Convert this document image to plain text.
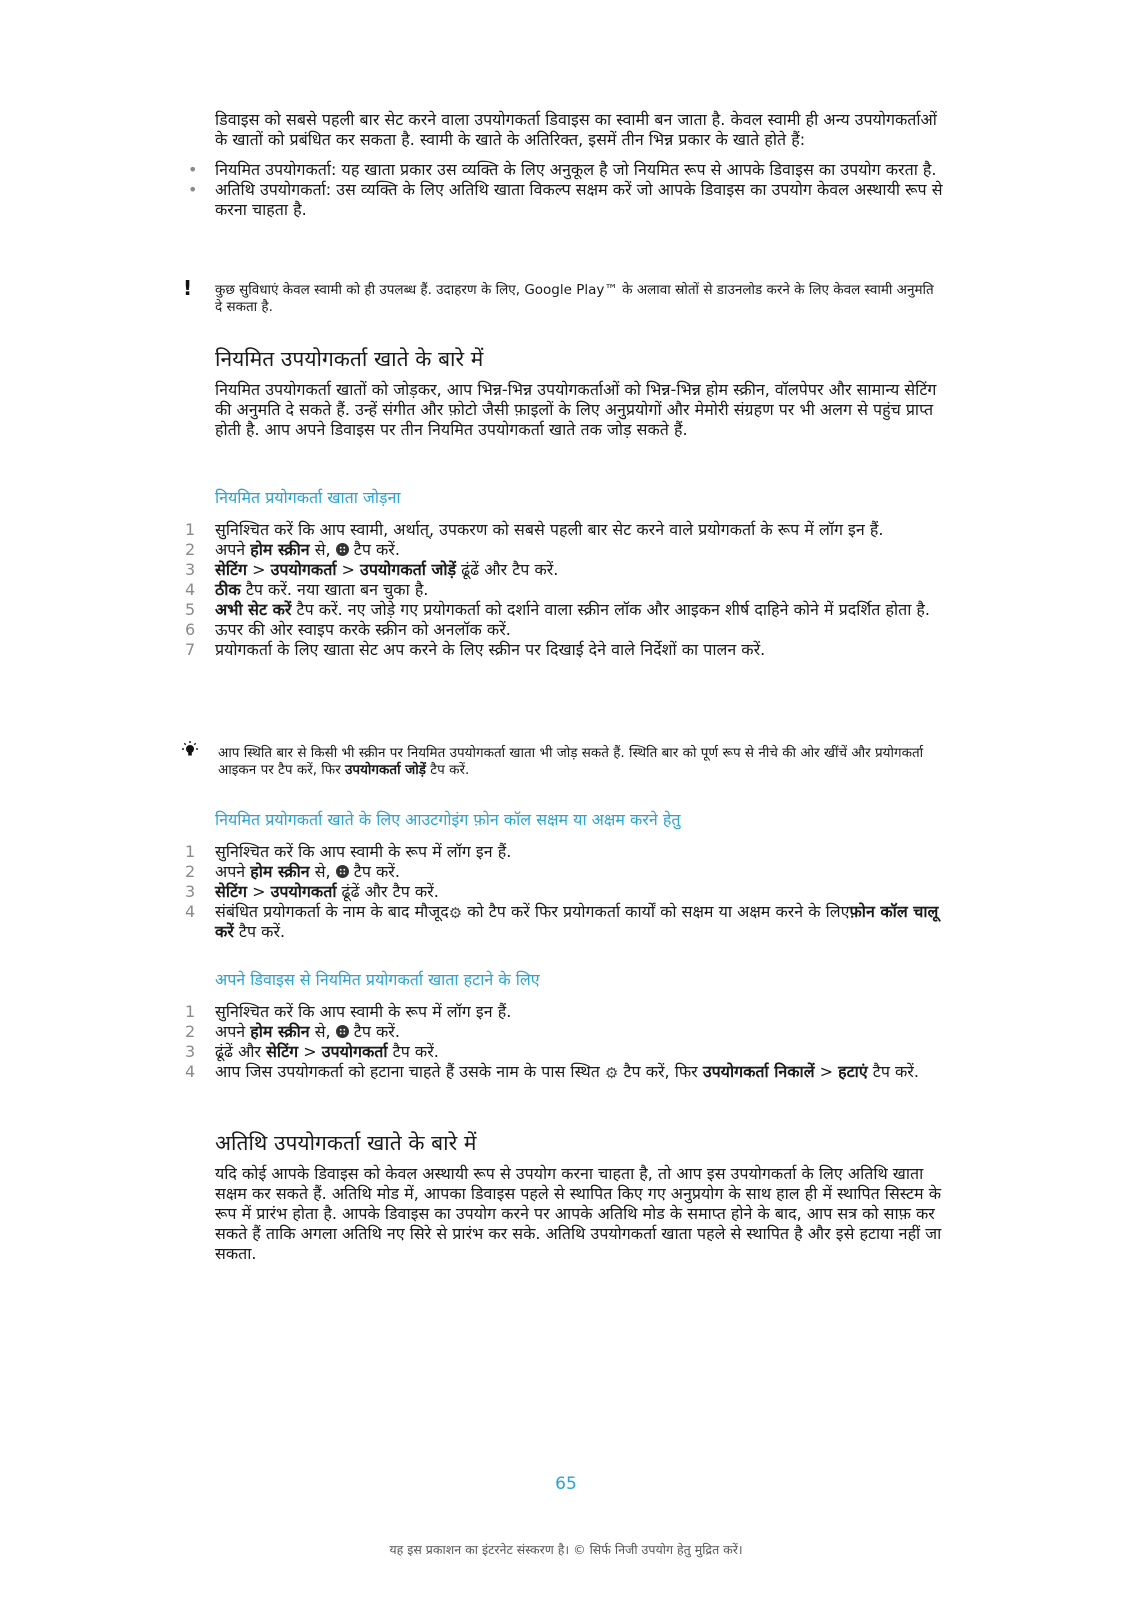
डिवाइस को सबसे पहली बार सेट करने वाला उपयोगकर्ता डिवाइस का स्वामी बन जाता है. केवल स्वामी ही अन्य उपयोगकर्ताओं के खातों को प्रबंधित कर सकता है. स्वामी के खाते के अतिरिक्त, इसमें तीन भिन्न प्रकार के खाते होते हैं:

• नियमित उपयोगकर्ता: यह खाता प्रकार उस व्यक्ति के लिए अनुकूल है जो नियमित रूप से आपके डिवाइस का उपयोग करता है.
• अतिथि उपयोगकर्ता: उस व्यक्ति के लिए अतिथि खाता विकल्प सक्षम करें जो आपके डिवाइस का उपयोग केवल अस्थायी रूप से करना चाहता है.
! कुछ सुविधाएं केवल स्वामी को ही उपलब्ध हैं. उदाहरण के लिए, Google Play™ के अलावा स्रोतों से डाउनलोड करने के लिए केवल स्वामी अनुमति दे सकता है.

नियमित उपयोगकर्ता खाते के बारे में

नियमित उपयोगकर्ता खातों को जोड़कर, आप भिन्न-भिन्न उपयोगकर्ताओं को भिन्न-भिन्न होम स्क्रीन, वॉलपेपर और सामान्य सेटिंग की अनुमति दे सकते हैं. उन्हें संगीत और फ़ोटो जैसी फ़ाइलों के लिए अनुप्रयोगों और मेमोरी संग्रहण पर भी अलग से पहुंच प्राप्त होती है. आप अपने डिवाइस पर तीन नियमित उपयोगकर्ता खाते तक जोड़ सकते हैं.

नियमित प्रयोगकर्ता खाता जोड़ना

1	सुनिश्चित करें कि आप स्वामी, अर्थात्, उपकरण को सबसे पहली बार सेट करने वाले प्रयोगकर्ता के रूप में लॉग इन हैं.
2	अपने होम स्क्रीन से,  टैप करें.
3	सेटिंग > उपयोगकर्ता > उपयोगकर्ता जोड़ें ढूंढें और टैप करें.
4	ठीक टैप करें. नया खाता बन चुका है.
5	अभी सेट करें टैप करें. नए जोड़े गए प्रयोगकर्ता को दर्शाने वाला स्क्रीन लॉक और आइकन शीर्ष दाहिने कोने में प्रदर्शित होता है.
6	ऊपर की ओर स्वाइप करके स्क्रीन को अनलॉक करें.
7	प्रयोगकर्ता के लिए खाता सेट अप करने के लिए स्क्रीन पर दिखाई देने वाले निर्देशों का पालन करें.

आप स्थिति बार से किसी भी स्क्रीन पर नियमित उपयोगकर्ता खाता भी जोड़ सकते हैं. स्थिति बार को पूर्ण रूप से नीचे की ओर खींचें और प्रयोगकर्ता आइकन पर टैप करें, फिर उपयोगकर्ता जोड़ें टैप करें.

नियमित प्रयोगकर्ता खाते के लिए आउटगोइंग फ़ोन कॉल सक्षम या अक्षम करने हेतु

1	सुनिश्चित करें कि आप स्वामी के रूप में लॉग इन हैं.
2	अपने होम स्क्रीन से,  टैप करें.
3	सेटिंग > उपयोगकर्ता ढूंढें और टैप करें.
4	संबंधित प्रयोगकर्ता के नाम के बाद मौजूद⚙ को टैप करें फिर प्रयोगकर्ता कार्यों को सक्षम या अक्षम करने के लिएफ़ोन कॉल चालू करें टैप करें.

अपने डिवाइस से नियमित प्रयोगकर्ता खाता हटाने के लिए

1	सुनिश्चित करें कि आप स्वामी के रूप में लॉग इन हैं.
2	अपने होम स्क्रीन से,  टैप करें.
3	ढूंढें और सेटिंग > उपयोगकर्ता टैप करें.
4	आप जिस उपयोगकर्ता को हटाना चाहते हैं उसके नाम के पास स्थित ⚙ टैप करें, फिर उपयोगकर्ता निकालें > हटाएं टैप करें.

अतिथि उपयोगकर्ता खाते के बारे में

यदि कोई आपके डिवाइस को केवल अस्थायी रूप से उपयोग करना चाहता है, तो आप इस उपयोगकर्ता के लिए अतिथि खाता सक्षम कर सकते हैं. अतिथि मोड में, आपका डिवाइस पहले से स्थापित किए गए अनुप्रयोग के साथ हाल ही में स्थापित सिस्टम के रूप में प्रारंभ होता है. आपके डिवाइस का उपयोग करने पर आपके अतिथि मोड के समाप्त होने के बाद, आप सत्र को साफ़ कर सकते हैं ताकि अगला अतिथि नए सिरे से प्रारंभ कर सके. अतिथि उपयोगकर्ता खाता पहले से स्थापित है और इसे हटाया नहीं जा सकता.

65
यह इस प्रकाशन का इंटरनेट संस्करण है। © सिर्फ निजी उपयोग हेतु मुद्रित करें।
